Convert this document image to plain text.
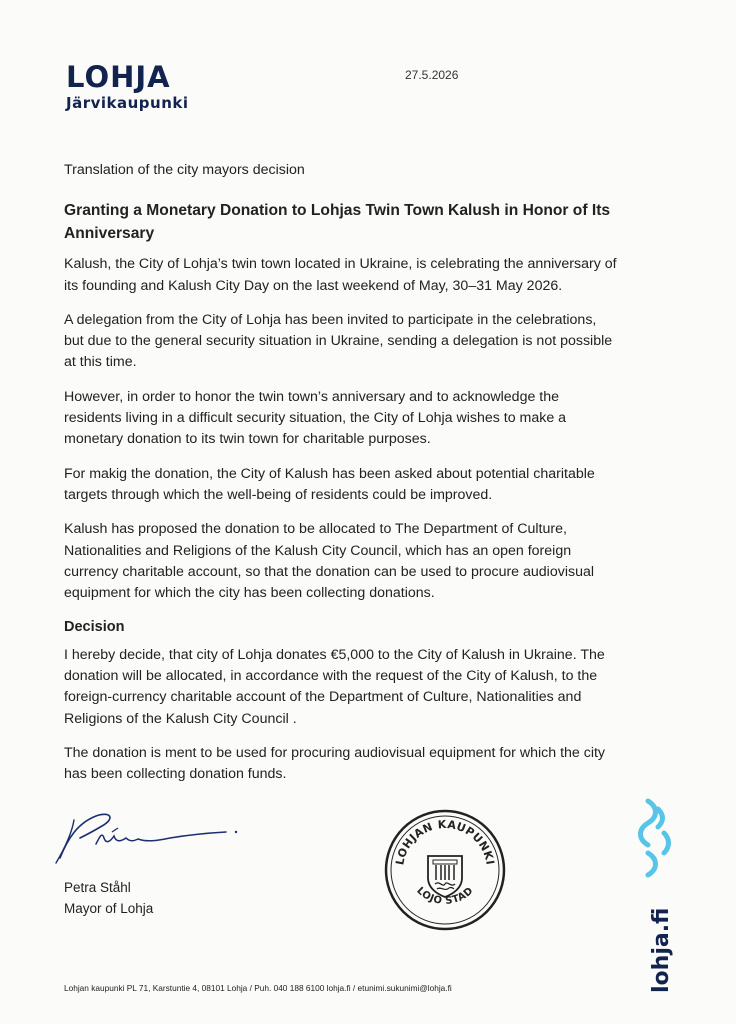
LOHJA
Järvikaupunki
27.5.2026

Translation of the city mayors decision

Granting a Monetary Donation to Lohjas Twin Town Kalush in Honor of Its Anniversary

Kalush, the City of Lohja’s twin town located in Ukraine, is celebrating the anniversary of its founding and Kalush City Day on the last weekend of May, 30–31 May 2026.

A delegation from the City of Lohja has been invited to participate in the celebrations, but due to the general security situation in Ukraine, sending a delegation is not possible at this time.

However, in order to honor the twin town’s anniversary and to acknowledge the residents living in a difficult security situation, the City of Lohja wishes to make a monetary donation to its twin town for charitable purposes.

For makig the donation, the City of Kalush has been asked about potential charitable targets through which the well-being of residents could be improved.

Kalush has proposed the donation to be allocated to The Department of Culture, Nationalities and Religions of the Kalush City Council, which has an open foreign currency charitable account, so that the donation can be used to procure audiovisual equipment for which the city has been collecting donations.

Decision

I hereby decide, that city of Lohja donates €5,000 to the City of Kalush in Ukraine. The donation will be allocated, in accordance with the request of the City of Kalush, to the foreign-currency charitable account of the Department of Culture, Nationalities and Religions of the Kalush City Council .

The donation is ment to be used for procuring audiovisual equipment for which the city has been collecting donation funds.

Petra Ståhl
Mayor of Lohja
LOHJAN KAUPUNKI
LOJO STAD
lohja.fi
Lohjan kaupunki PL 71, Karstuntie 4, 08101 Lohja / Puh. 040 188 6100 lohja.fi / etunimi.sukunimi@lohja.fi
